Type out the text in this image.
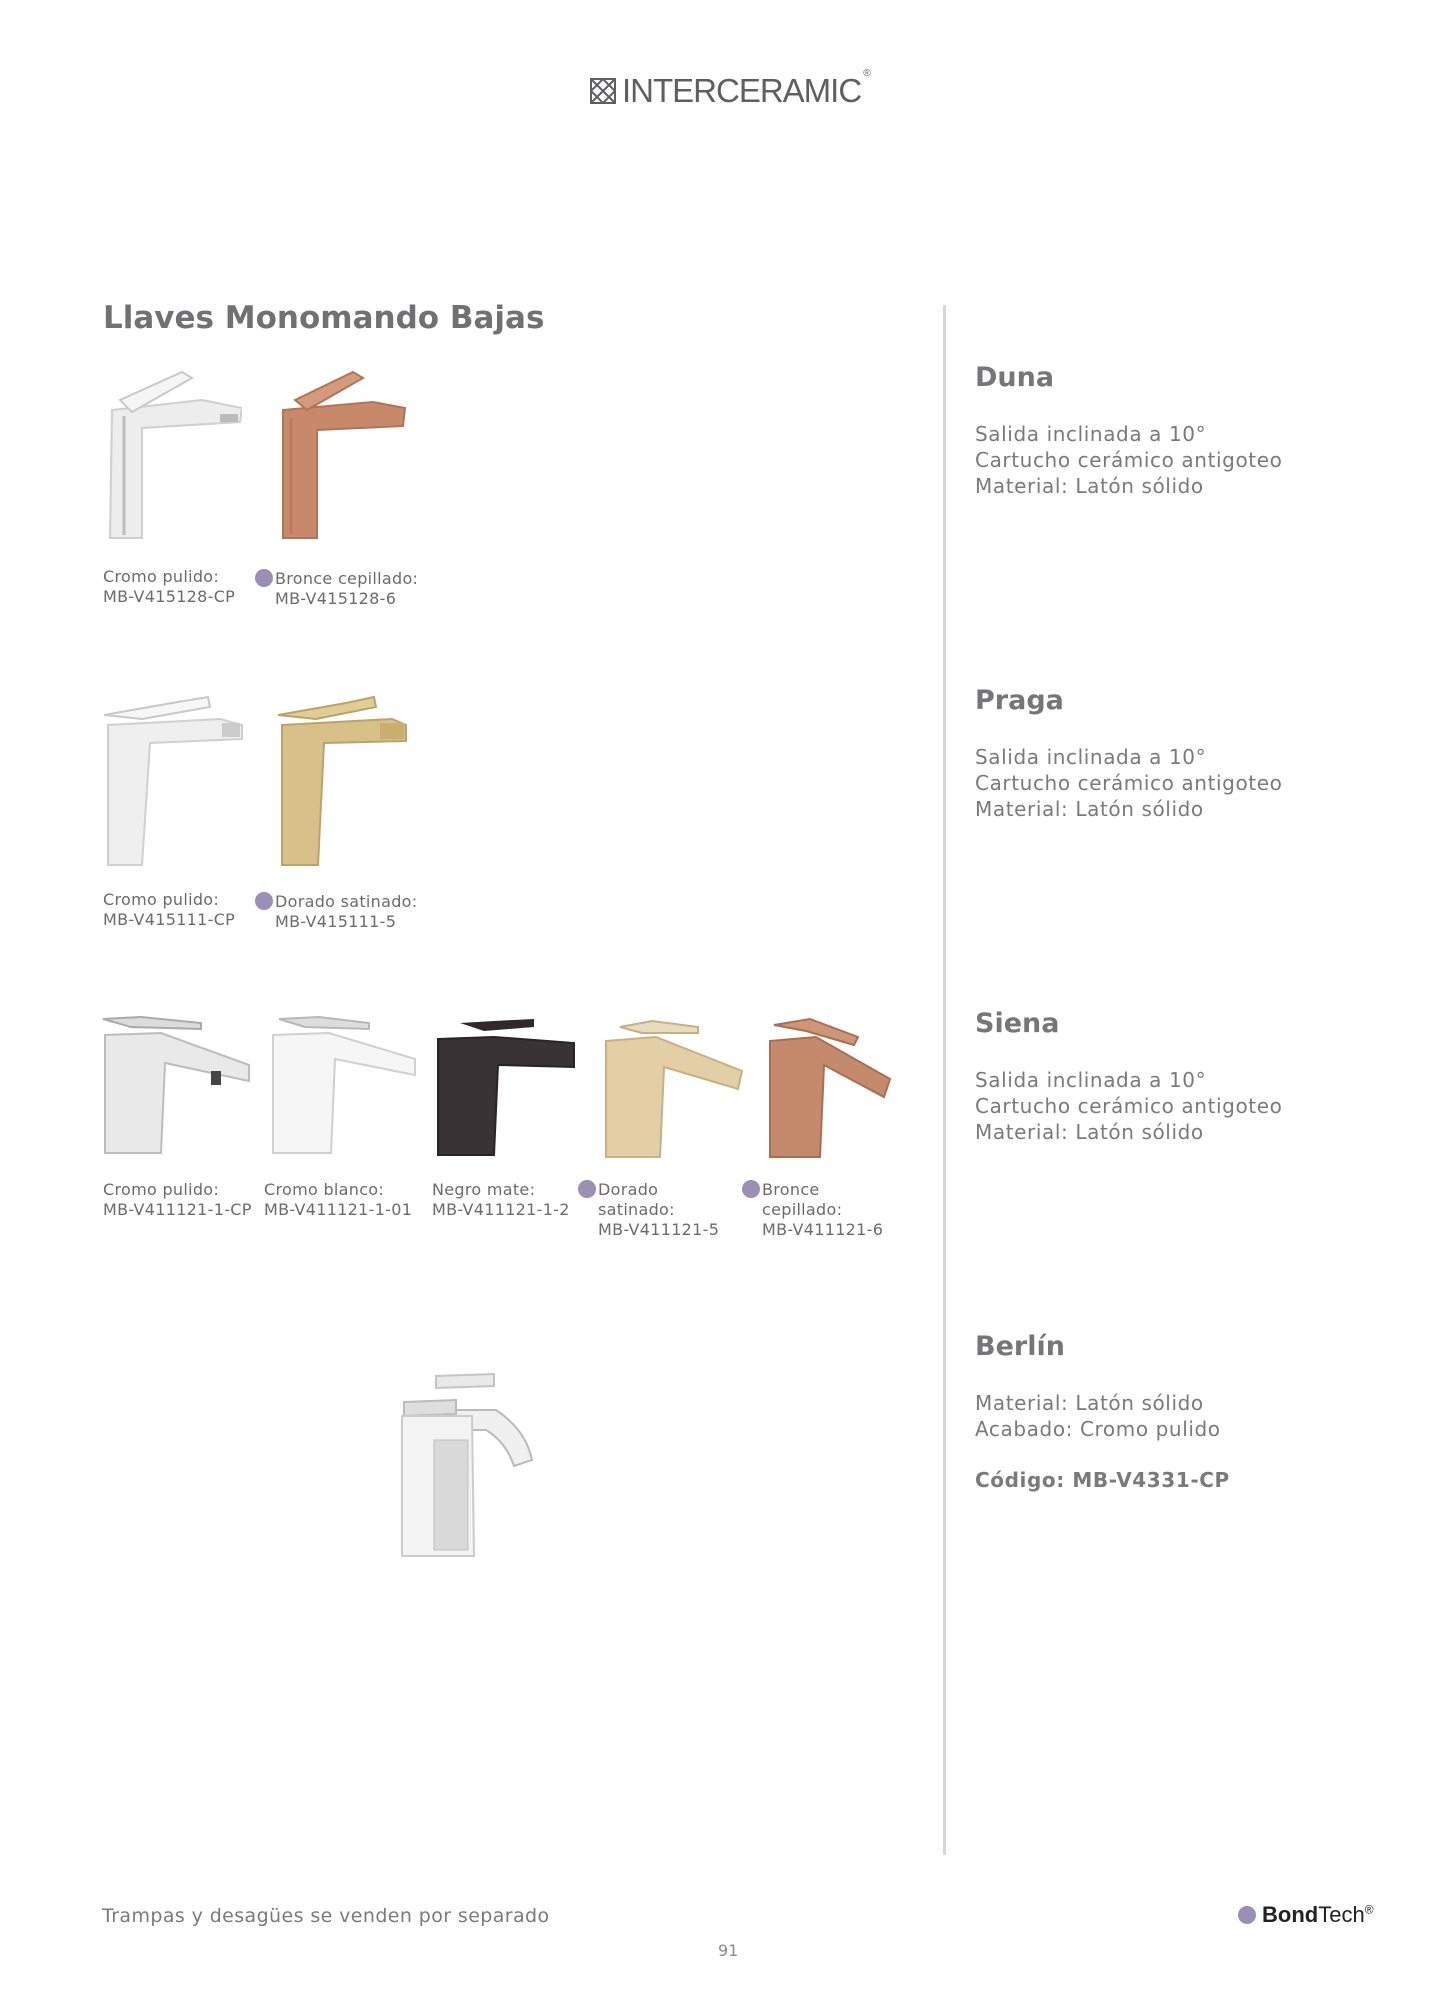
INTERCERAMIC ®
Llaves Monomando Bajas
Cromo pulido:
MB-V415128-CP
Bronce cepillado:
MB-V415128-6
Duna
Salida inclinada a 10°
Cartucho cerámico antigoteo
Material: Latón sólido
Cromo pulido:
MB-V415111-CP
Dorado satinado:
MB-V415111-5
Praga
Salida inclinada a 10°
Cartucho cerámico antigoteo
Material: Latón sólido
Cromo pulido:
MB-V411121-1-CP
Cromo blanco:
MB-V411121-1-01
Negro mate:
MB-V411121-1-2
Dorado
satinado:
MB-V411121-5
Bronce
cepillado:
MB-V411121-6
Siena
Salida inclinada a 10°
Cartucho cerámico antigoteo
Material: Latón sólido
Berlín
Material: Latón sólido
Acabado: Cromo pulido
Código: MB-V4331-CP
Trampas y desagües se venden por separado
91
BondTech®
